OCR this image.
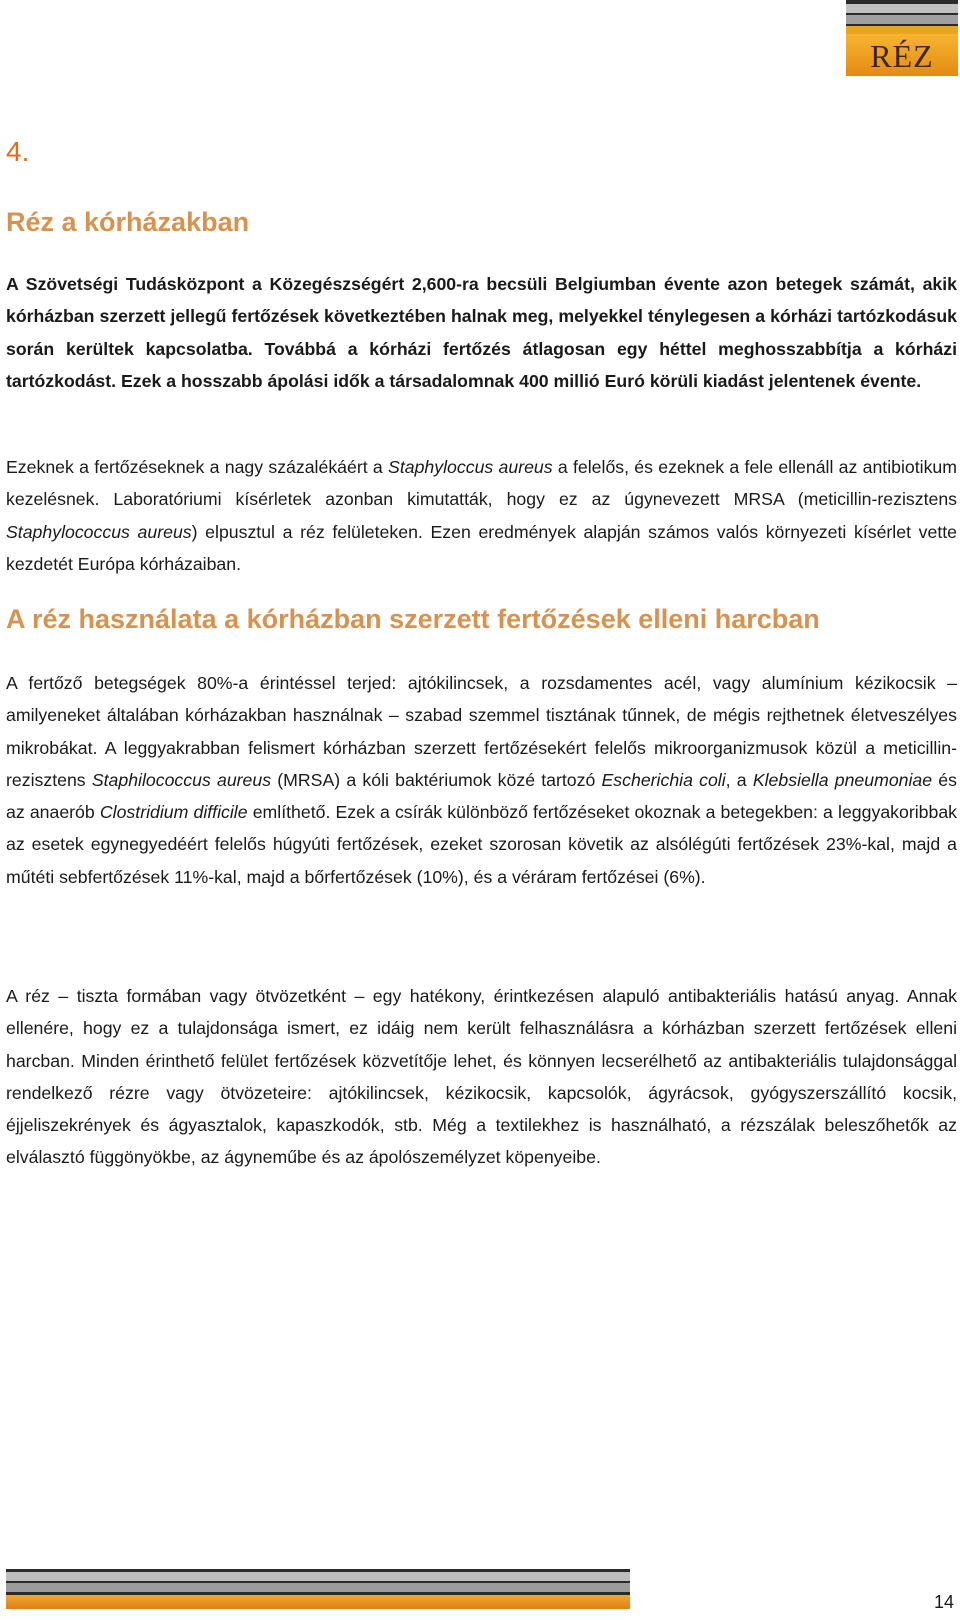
RÉZ
4.
Réz a kórházakban

A Szövetségi Tudásközpont a Közegészségért 2,600-ra becsüli Belgiumban évente azon betegek számát, akik kórházban szerzett jellegű fertőzések következtében halnak meg, melyekkel ténylegesen a kórházi tartózkodásuk során kerültek kapcsolatba. Továbbá a kórházi fertőzés átlagosan egy héttel meghosszabbítja a kórházi tartózkodást. Ezek a hosszabb ápolási idők a társadalomnak 400 millió Euró körüli kiadást jelentenek évente.

Ezeknek a fertőzéseknek a nagy százalékáért a Staphyloccus aureus a felelős, és ezeknek a fele ellenáll az antibiotikum kezelésnek. Laboratóriumi kísérletek azonban kimutatták, hogy ez az úgynevezett MRSA (meticillin-rezisztens Staphylococcus aureus) elpusztul a réz felületeken. Ezen eredmények alapján számos valós környezeti kísérlet vette kezdetét Európa kórházaiban.

A réz használata a kórházban szerzett fertőzések elleni harcban

A fertőző betegségek 80%-a érintéssel terjed: ajtókilincsek, a rozsdamentes acél, vagy alumínium kézikocsik – amilyeneket általában kórházakban használnak – szabad szemmel tisztának tűnnek, de mégis rejthetnek életveszélyes mikrobákat. A leggyakrabban felismert kórházban szerzett fertőzésekért felelős mikroorganizmusok közül a meticillin-rezisztens Staphilococcus aureus (MRSA) a kóli baktériumok közé tartozó Escherichia coli, a Klebsiella pneumoniae és az anaerób Clostridium difficile említhető. Ezek a csírák különböző fertőzéseket okoznak a betegekben: a leggyakoribbak az esetek egynegyedéért felelős húgyúti fertőzések, ezeket szorosan követik az alsólégúti fertőzések 23%-kal, majd a műtéti sebfertőzések 11%-kal, majd a bőrfertőzések (10%), és a véráram fertőzései (6%).

A réz – tiszta formában vagy ötvözetként – egy hatékony, érintkezésen alapuló antibakteriális hatású anyag. Annak ellenére, hogy ez a tulajdonsága ismert, ez idáig nem került felhasználásra a kórházban szerzett fertőzések elleni harcban. Minden érinthető felület fertőzések közvetítője lehet, és könnyen lecserélhető az antibakteriális tulajdonsággal rendelkező rézre vagy ötvözeteire: ajtókilincsek, kézikocsik, kapcsolók, ágyrácsok, gyógyszerszállító kocsik, éjjeliszekrények és ágyasztalok, kapaszkodók, stb. Még a textilekhez is használható, a rézszálak beleszőhetők az elválasztó függönyökbe, az ágyneműbe és az ápolószemélyzet köpenyeibe.

14
